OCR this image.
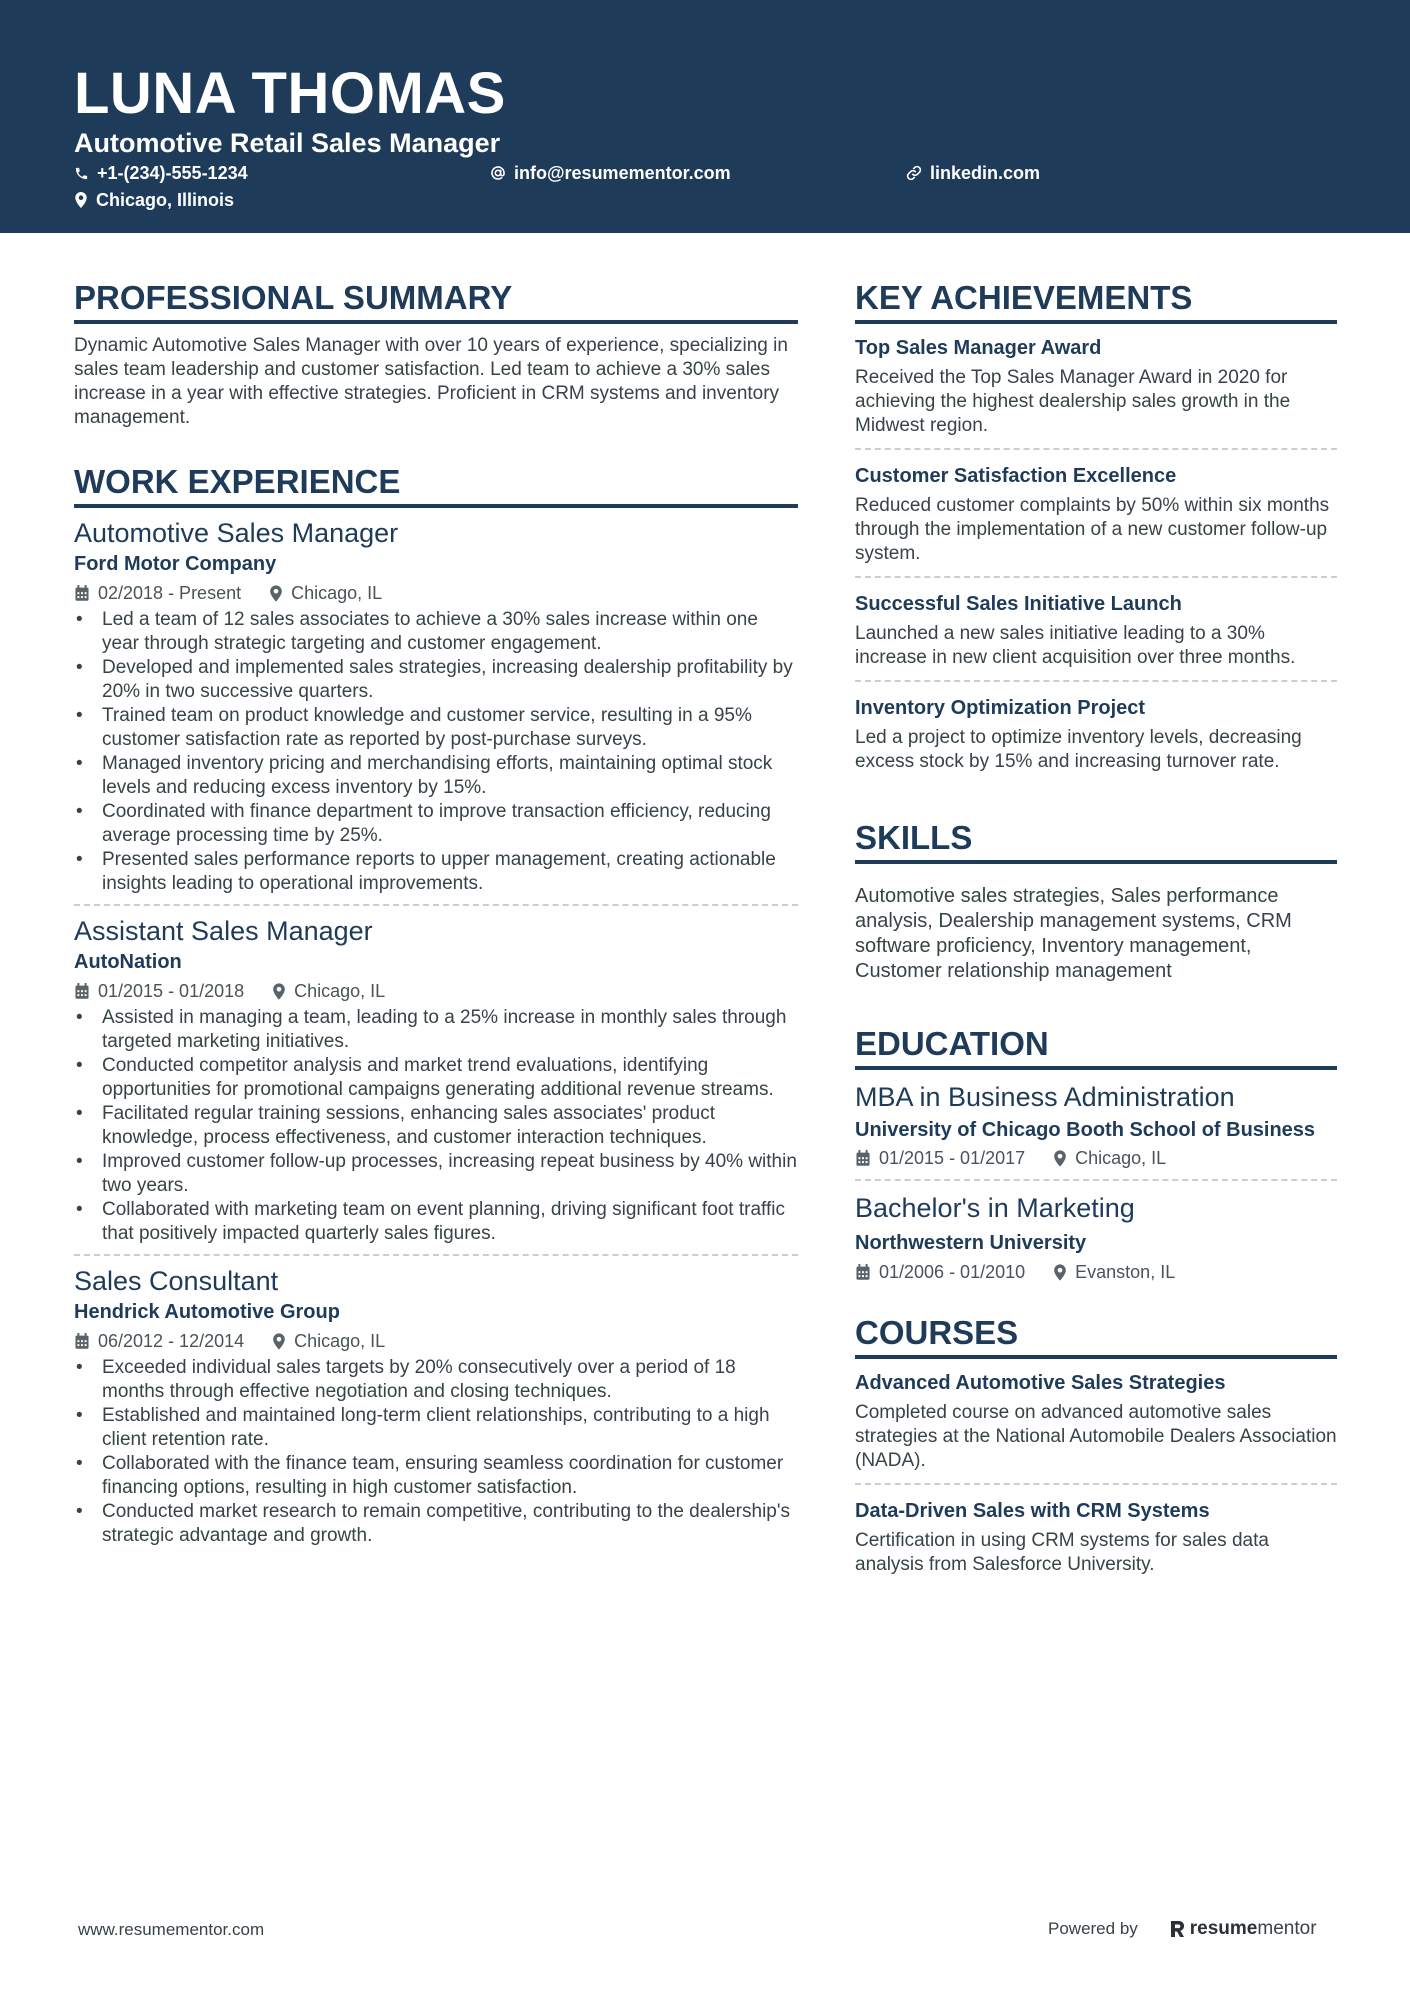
LUNA THOMAS
Automotive Retail Sales Manager
+1-(234)-555-1234	info@resumementor.com	linkedin.com
Chicago, Illinois
PROFESSIONAL SUMMARY
Dynamic Automotive Sales Manager with over 10 years of experience, specializing in sales team leadership and customer satisfaction. Led team to achieve a 30% sales increase in a year with effective strategies. Proficient in CRM systems and inventory management.
WORK EXPERIENCE
Automotive Sales Manager
Ford Motor Company
02/2018 - Present	Chicago, IL
• Led a team of 12 sales associates to achieve a 30% sales increase within one year through strategic targeting and customer engagement.
• Developed and implemented sales strategies, increasing dealership profitability by 20% in two successive quarters.
• Trained team on product knowledge and customer service, resulting in a 95% customer satisfaction rate as reported by post-purchase surveys.
• Managed inventory pricing and merchandising efforts, maintaining optimal stock levels and reducing excess inventory by 15%.
• Coordinated with finance department to improve transaction efficiency, reducing average processing time by 25%.
• Presented sales performance reports to upper management, creating actionable insights leading to operational improvements.
Assistant Sales Manager
AutoNation
01/2015 - 01/2018	Chicago, IL
• Assisted in managing a team, leading to a 25% increase in monthly sales through targeted marketing initiatives.
• Conducted competitor analysis and market trend evaluations, identifying opportunities for promotional campaigns generating additional revenue streams.
• Facilitated regular training sessions, enhancing sales associates' product knowledge, process effectiveness, and customer interaction techniques.
• Improved customer follow-up processes, increasing repeat business by 40% within two years.
• Collaborated with marketing team on event planning, driving significant foot traffic that positively impacted quarterly sales figures.
Sales Consultant
Hendrick Automotive Group
06/2012 - 12/2014	Chicago, IL
• Exceeded individual sales targets by 20% consecutively over a period of 18 months through effective negotiation and closing techniques.
• Established and maintained long-term client relationships, contributing to a high client retention rate.
• Collaborated with the finance team, ensuring seamless coordination for customer financing options, resulting in high customer satisfaction.
• Conducted market research to remain competitive, contributing to the dealership's strategic advantage and growth.
KEY ACHIEVEMENTS
Top Sales Manager Award
Received the Top Sales Manager Award in 2020 for achieving the highest dealership sales growth in the Midwest region.
Customer Satisfaction Excellence
Reduced customer complaints by 50% within six months through the implementation of a new customer follow-up system.
Successful Sales Initiative Launch
Launched a new sales initiative leading to a 30% increase in new client acquisition over three months.
Inventory Optimization Project
Led a project to optimize inventory levels, decreasing excess stock by 15% and increasing turnover rate.
SKILLS
Automotive sales strategies, Sales performance analysis, Dealership management systems, CRM software proficiency, Inventory management, Customer relationship management
EDUCATION
MBA in Business Administration
University of Chicago Booth School of Business
01/2015 - 01/2017	Chicago, IL
Bachelor's in Marketing
Northwestern University
01/2006 - 01/2010	Evanston, IL
COURSES
Advanced Automotive Sales Strategies
Completed course on advanced automotive sales strategies at the National Automobile Dealers Association (NADA).
Data-Driven Sales with CRM Systems
Certification in using CRM systems for sales data analysis from Salesforce University.
www.resumementor.com	Powered by	resume mentor
